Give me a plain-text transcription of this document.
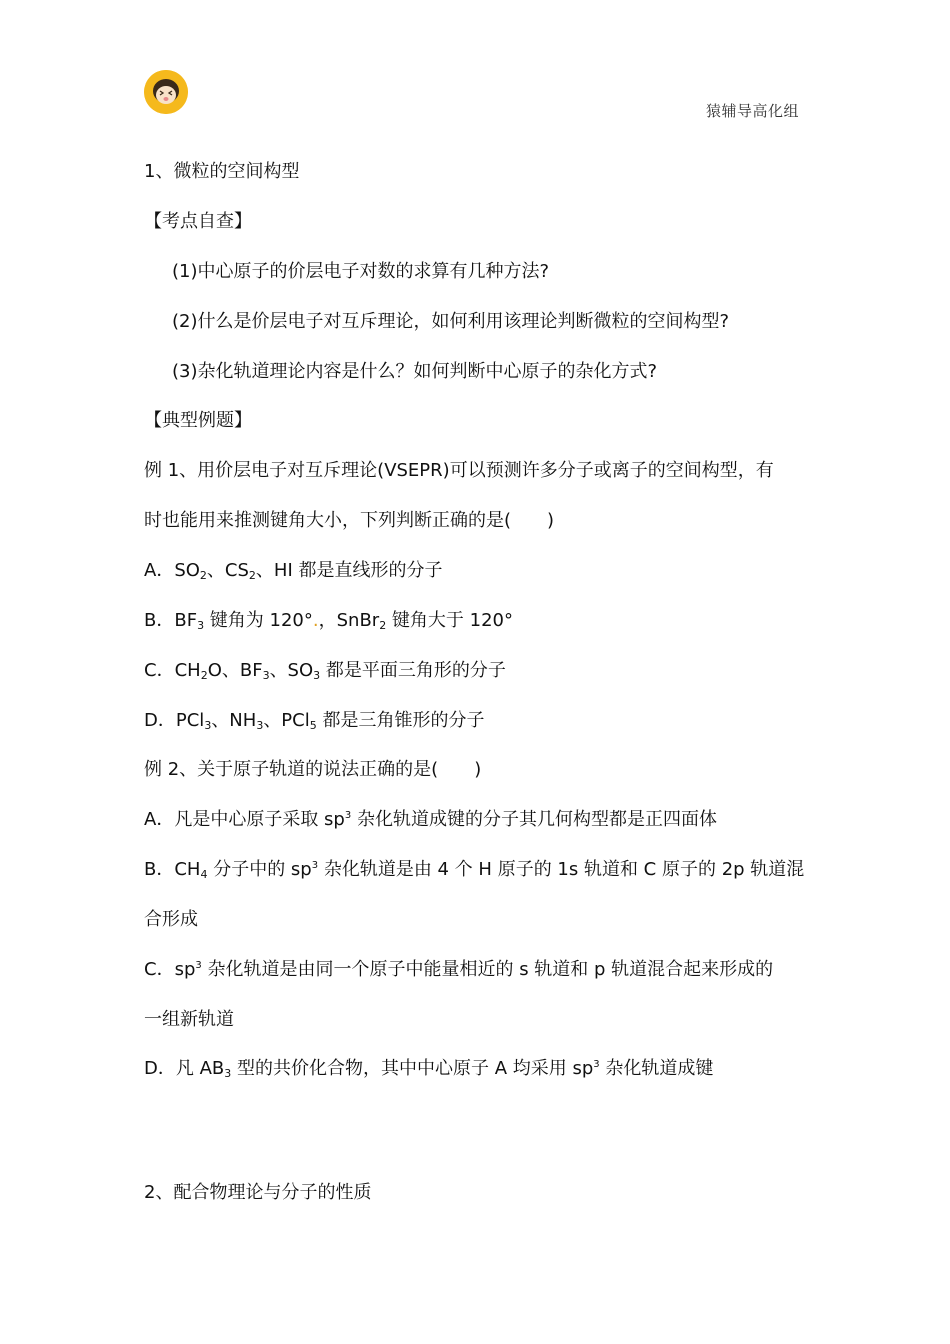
猿辅导高化组
1、微粒的空间构型
【考点自查】
(1)中心原子的价层电子对数的求算有几种方法?
(2)什么是价层电子对互斥理论，如何利用该理论判断微粒的空间构型?
(3)杂化轨道理论内容是什么？如何判断中心原子的杂化方式?
【典型例题】
例 1、用价层电子对互斥理论(VSEPR)可以预测许多分子或离子的空间构型，有
时也能用来推测键角大小，下列判断正确的是(　　)
A．$SO_2$、$CS_2$、HI 都是直线形的分子
B．$BF_3$ 键角为 120°.，SnBr$_2$ 键角大于 120°
C．$CH_2O$、$BF_3$、$SO_3$ 都是平面三角形的分子
D．PCl$_3$、$NH_3$、PCl$_5$ 都是三角锥形的分子
例 2、关于原子轨道的说法正确的是(　　)
A．凡是中心原子采取 $sp^3$ 杂化轨道成键的分子其几何构型都是正四面体
B．$CH_4$ 分子中的 $sp^3$ 杂化轨道是由 4 个 H 原子的 1s 轨道和 C 原子的 2p 轨道混
合形成
C．$sp^3$ 杂化轨道是由同一个原子中能量相近的 s 轨道和 p 轨道混合起来形成的
一组新轨道
D．凡 $AB_3$ 型的共价化合物，其中中心原子 A 均采用 $sp^3$ 杂化轨道成键
2、配合物理论与分子的性质
